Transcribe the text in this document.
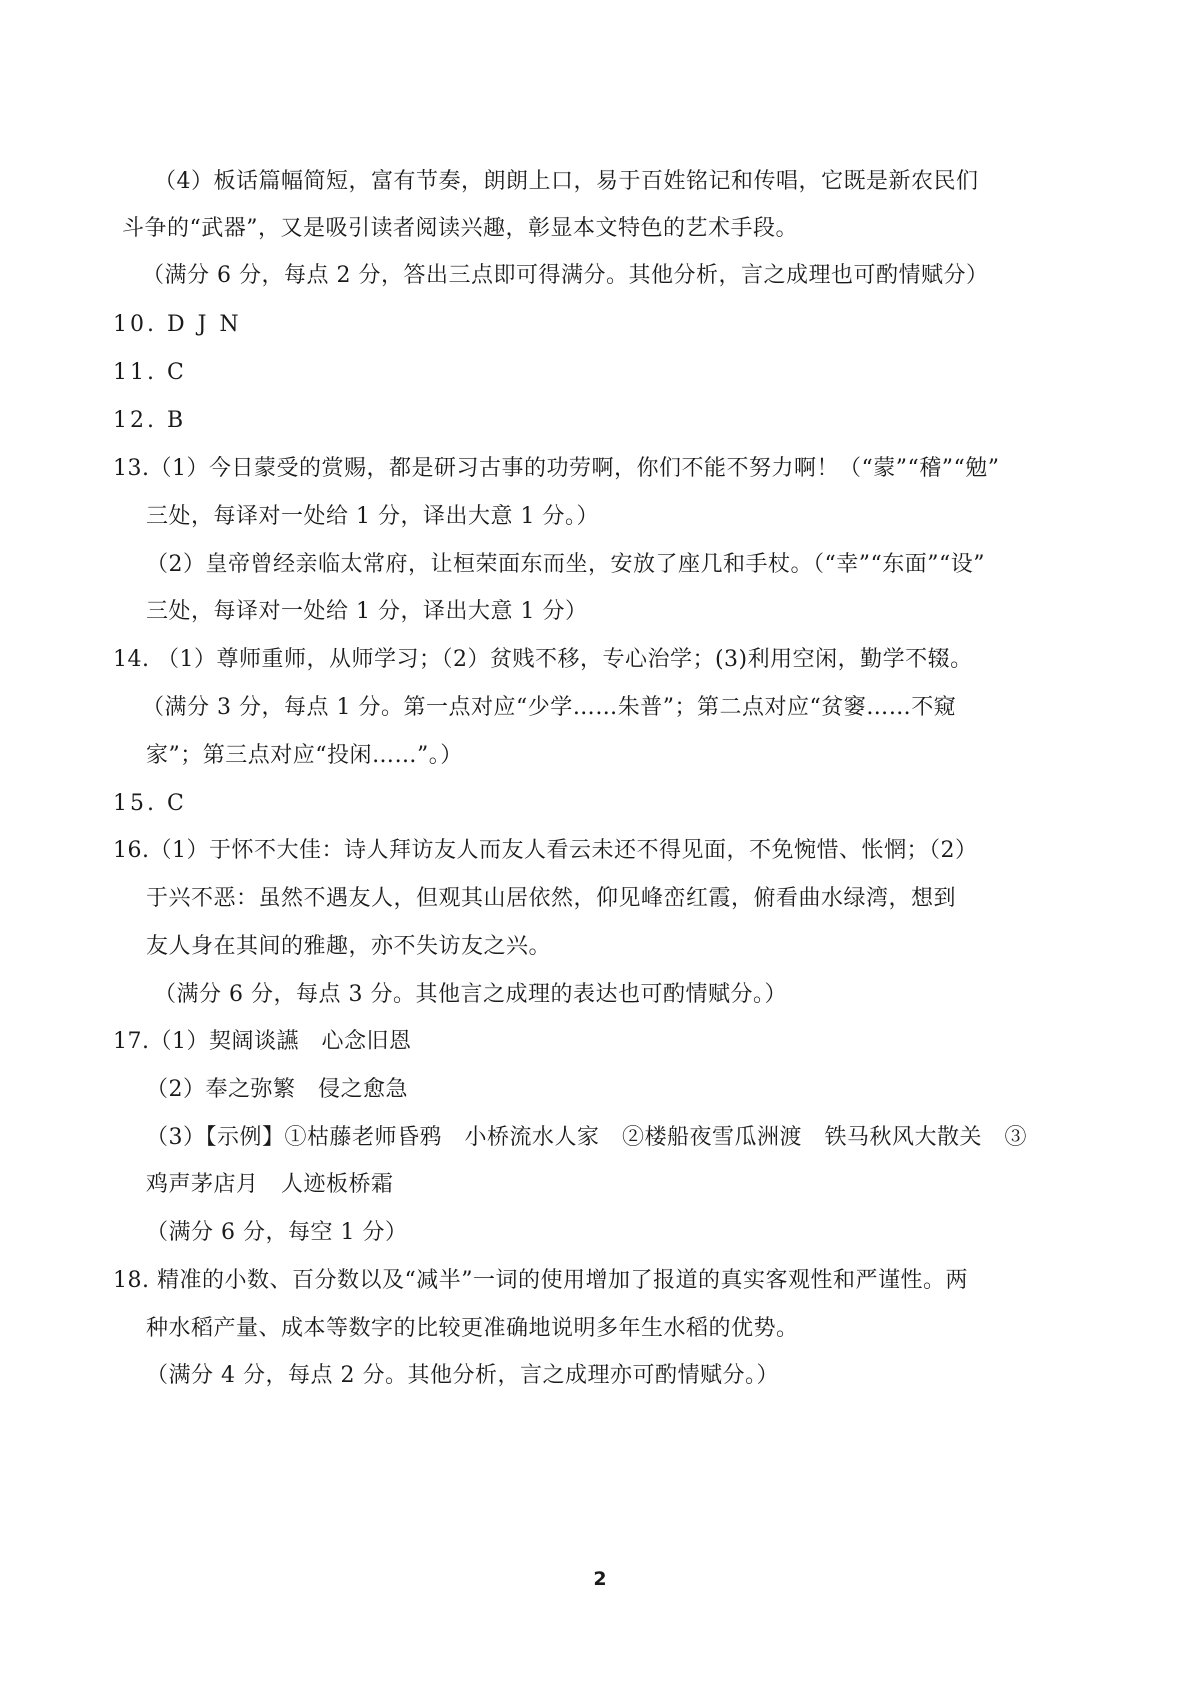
（4）板话篇幅简短，富有节奏，朗朗上口，易于百姓铭记和传唱，它既是新农民们
斗争的“武器”，又是吸引读者阅读兴趣，彰显本文特色的艺术手段。
（满分 6 分，每点 2 分，答出三点即可得满分。其他分析，言之成理也可酌情赋分）
10. D J N
11. C
12. B
13.（1）今日蒙受的赏赐，都是研习古事的功劳啊，你们不能不努力啊！（“蒙”“稽”“勉”
三处，每译对一处给 1 分，译出大意 1 分。）
（2）皇帝曾经亲临太常府，让桓荣面东而坐，安放了座几和手杖。（“幸”“东面”“设”
三处，每译对一处给 1 分，译出大意 1 分）
14. （1）尊师重师，从师学习；（2）贫贱不移，专心治学；(3)利用空闲，勤学不辍。
（满分 3 分，每点 1 分。第一点对应“少学……朱普”；第二点对应“贫窭……不窥
家”；第三点对应“投闲……”。）
15. C
16.（1）于怀不大佳：诗人拜访友人而友人看云未还不得见面，不免惋惜、怅惘；（2）
于兴不恶：虽然不遇友人，但观其山居依然，仰见峰峦红霞，俯看曲水绿湾，想到
友人身在其间的雅趣，亦不失访友之兴。
（满分 6 分，每点 3 分。其他言之成理的表达也可酌情赋分。）
17.（1）契阔谈讌　心念旧恩
（2）奉之弥繁　侵之愈急
（3）【示例】①枯藤老师昏鸦　小桥流水人家　②楼船夜雪瓜洲渡　铁马秋风大散关　③
鸡声茅店月　人迹板桥霜
（满分 6 分，每空 1 分）
18. 精准的小数、百分数以及“减半”一词的使用增加了报道的真实客观性和严谨性。两
种水稻产量、成本等数字的比较更准确地说明多年生水稻的优势。
（满分 4 分，每点 2 分。其他分析，言之成理亦可酌情赋分。）
2
